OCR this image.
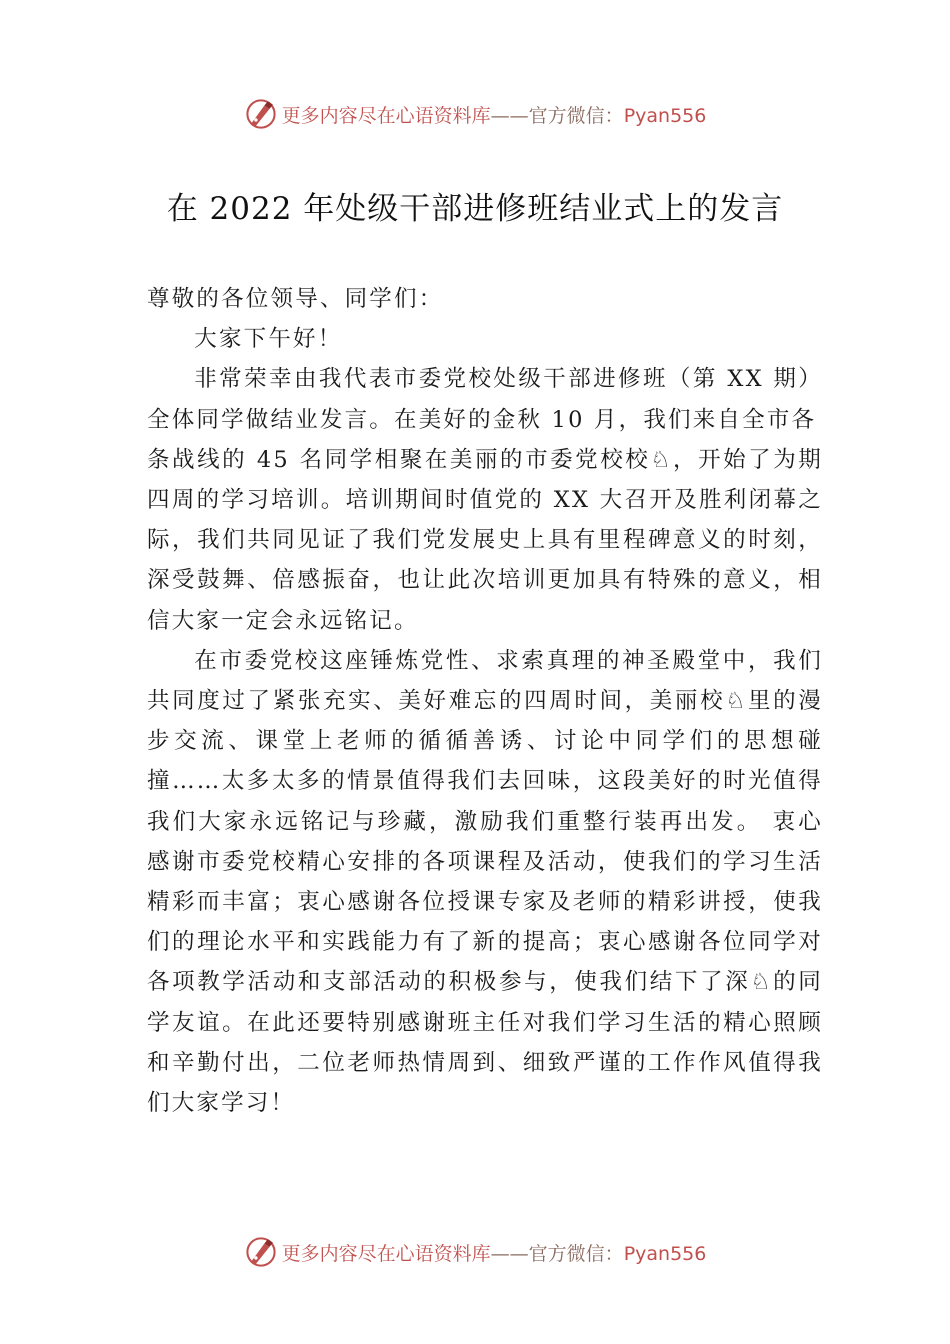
更多内容尽在心语资料库——官方微信：Pyan556
在 2022 年处级干部进修班结业式上的发言

尊敬的各位领导、同学们：

大家下午好！

非常荣幸由我代表市委党校处级干部进修班（第 XX 期） 全体同学做结业发言。在美好的金秋 10 月，我们来自全市各

条战线的 45 名同学相聚在美丽的市委党校校♘，开始了为期四周的学习培训。培训期间时值党的 XX 大召开及胜利闭幕之际，我们共同见证了我们党发展史上具有里程碑意义的时刻，深受鼓舞、倍感振奋，也让此次培训更加具有特殊的意义，相信大家一定会永远铭记。

在市委党校这座锤炼党性、求索真理的神圣殿堂中，我们共同度过了紧张充实、美好难忘的四周时间，美丽校♘里的漫步交流、课堂上老师的循循善诱、讨论中同学们的思想碰撞……太多太多的情景值得我们去回味，这段美好的时光值得我们大家永远铭记与珍藏，激励我们重整行装再出发。 衷心感谢市委党校精心安排的各项课程及活动，使我们的学习生活精彩而丰富；衷心感谢各位授课专家及老师的精彩讲授，使我们的理论水平和实践能力有了新的提高；衷心感谢各位同学对各项教学活动和支部活动的积极参与，使我们结下了深♘的同学友谊。在此还要特别感谢班主任对我们学习生活的精心照顾和辛勤付出，二位老师热情周到、细致严谨的工作作风值得我们大家学习！

更多内容尽在心语资料库——官方微信：Pyan556
